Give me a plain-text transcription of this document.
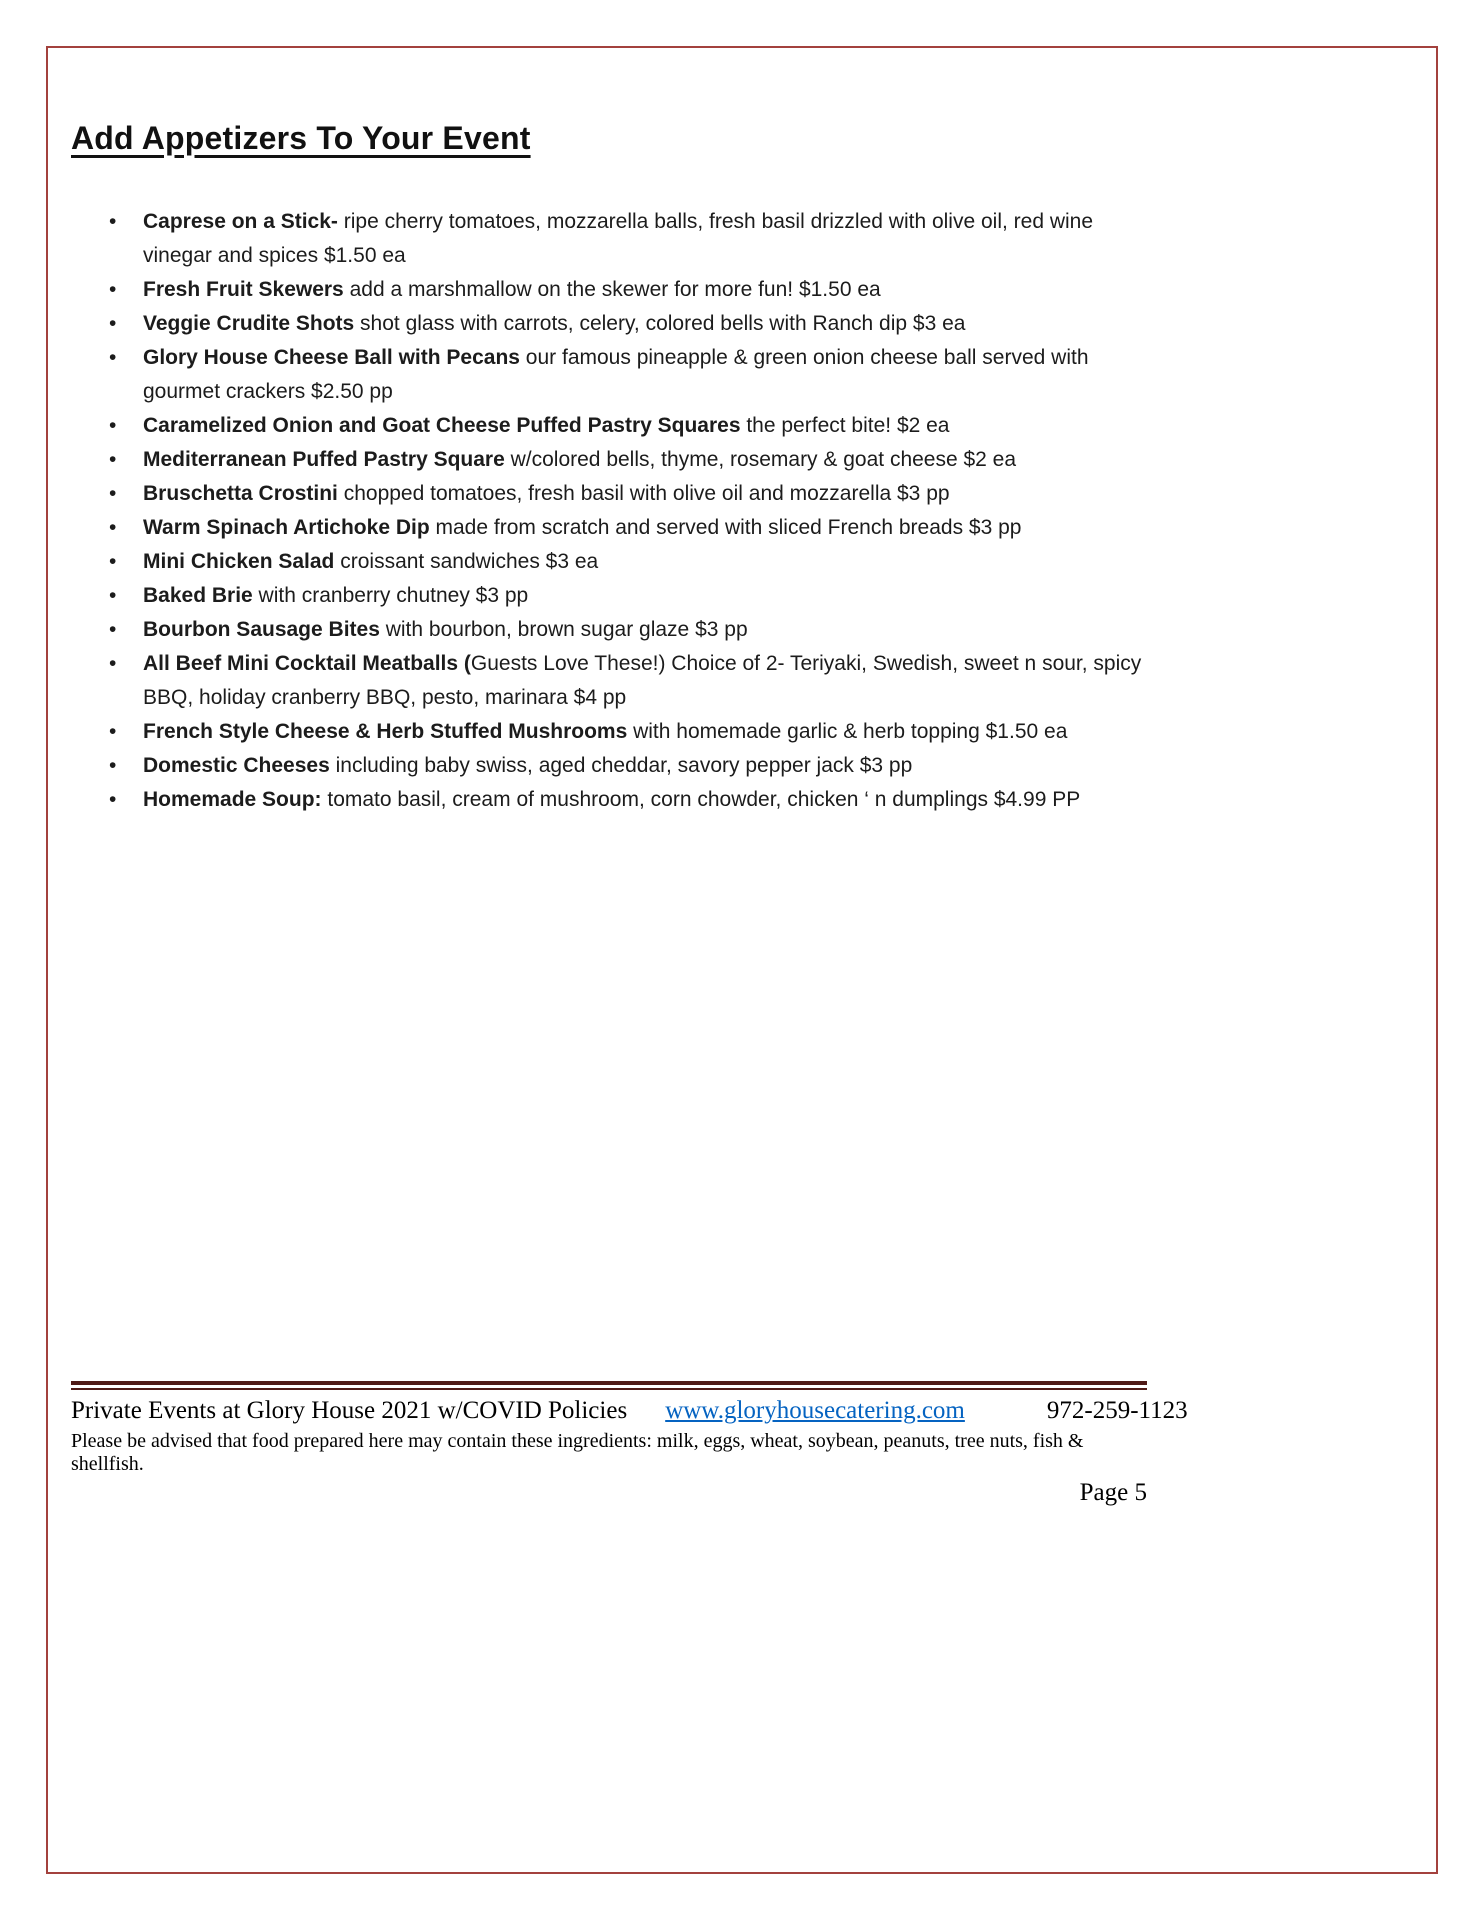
Add Appetizers To Your Event
• Caprese on a Stick- ripe cherry tomatoes, mozzarella balls, fresh basil drizzled with olive oil, red wine vinegar and spices $1.50 ea
• Fresh Fruit Skewers add a marshmallow on the skewer for more fun! $1.50 ea
• Veggie Crudite Shots shot glass with carrots, celery, colored bells with Ranch dip $3 ea
• Glory House Cheese Ball with Pecans our famous pineapple & green onion cheese ball served with gourmet crackers $2.50 pp
• Caramelized Onion and Goat Cheese Puffed Pastry Squares the perfect bite! $2 ea
• Mediterranean Puffed Pastry Square w/colored bells, thyme, rosemary & goat cheese $2 ea
• Bruschetta Crostini chopped tomatoes, fresh basil with olive oil and mozzarella $3 pp
• Warm Spinach Artichoke Dip made from scratch and served with sliced French breads $3 pp
• Mini Chicken Salad croissant sandwiches $3 ea
• Baked Brie with cranberry chutney $3 pp
• Bourbon Sausage Bites with bourbon, brown sugar glaze $3 pp
• All Beef Mini Cocktail Meatballs (Guests Love These!) Choice of 2- Teriyaki, Swedish, sweet n sour, spicy BBQ, holiday cranberry BBQ, pesto, marinara $4 pp
• French Style Cheese & Herb Stuffed Mushrooms with homemade garlic & herb topping $1.50 ea
• Domestic Cheeses including baby swiss, aged cheddar, savory pepper jack $3 pp
• Homemade Soup: tomato basil, cream of mushroom, corn chowder, chicken ‘ n dumplings $4.99 PP
Private Events at Glory House 2021 w/COVID Policies www.gloryhousecatering.com	972-259-1123
Please be advised that food prepared here may contain these ingredients: milk, eggs, wheat, soybean, peanuts, tree nuts, fish & shellfish.
Page 5
